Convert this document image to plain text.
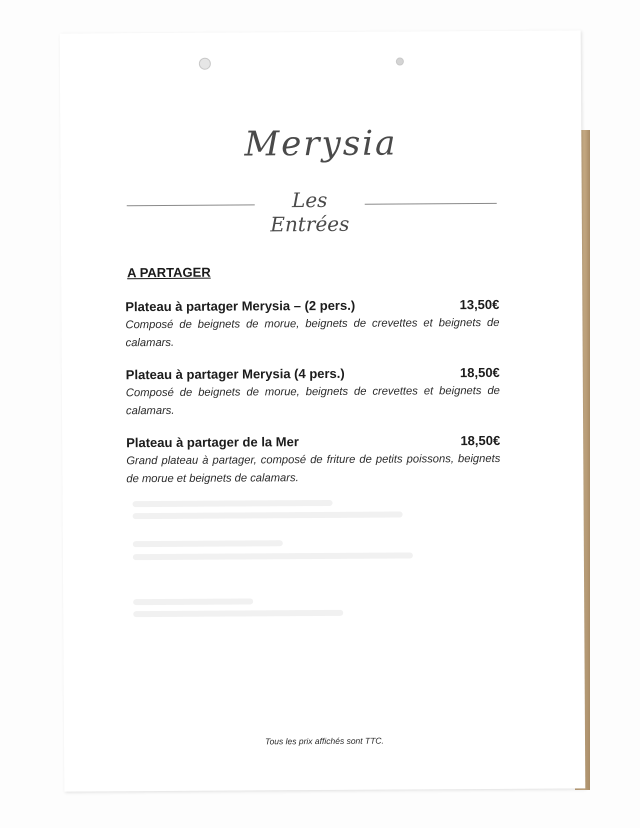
Merysia
Les Entrées
A PARTAGER
Plateau à partager Merysia – (2 pers.)	13,50€
Composé de beignets de morue, beignets de crevettes et beignets de calamars.
Plateau à partager Merysia (4 pers.)	18,50€
Composé de beignets de morue, beignets de crevettes et beignets de calamars.
Plateau à partager de la Mer	18,50€
Grand plateau à partager, composé de friture de petits poissons, beignets de morue et beignets de calamars.
Tous les prix affichés sont TTC.
